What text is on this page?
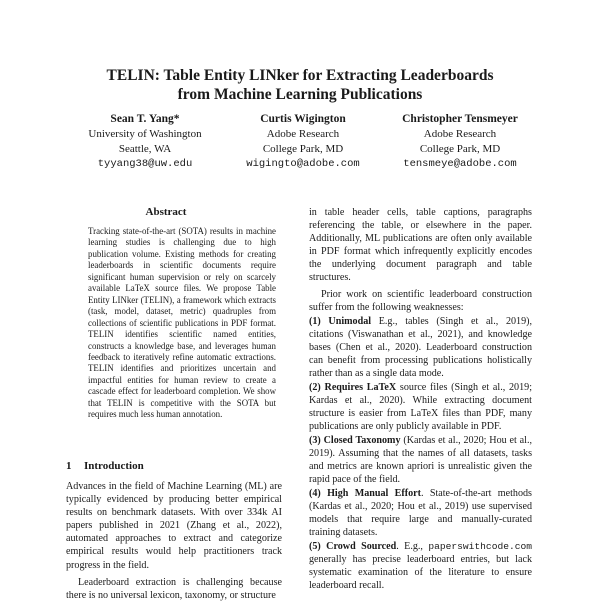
TELIN: Table Entity LINker for Extracting Leaderboards
from Machine Learning Publications
Sean T. Yang*
University of Washington
Seattle, WA
tyyang38@uw.edu
Curtis Wigington
Adobe Research
College Park, MD
wigingto@adobe.com
Christopher Tensmeyer
Adobe Research
College Park, MD
tensmeye@adobe.com
Abstract
Tracking state-of-the-art (SOTA) results in machine learning studies is challenging due to high publication volume. Existing methods for creating leaderboards in scientific documents require significant human supervision or rely on scarcely available LaTeX source files. We propose Table Entity LINker (TELIN), a framework which extracts (task, model, dataset, metric) quadruples from collections of scientific publications in PDF format. TELIN identifies scientific named entities, constructs a knowledge base, and leverages human feedback to iteratively refine automatic extractions. TELIN identifies and prioritizes uncertain and impactful entities for human review to create a cascade effect for leaderboard completion. We show that TELIN is competitive with the SOTA but requires much less human annotation.
1 Introduction

Advances in the field of Machine Learning (ML) are typically evidenced by producing better empirical results on benchmark datasets. With over 334k AI papers published in 2021 (Zhang et al., 2022), automated approaches to extract and categorize empirical results would help practitioners track progress in the field.

Leaderboard extraction is challenging because there is no universal lexicon, taxonomy, or structure

in table header cells, table captions, paragraphs referencing the table, or elsewhere in the paper. Additionally, ML publications are often only available in PDF format which infrequently explicitly encodes the underlying document paragraph and table structures.

Prior work on scientific leaderboard construction suffer from the following weaknesses:

(1) Unimodal E.g., tables (Singh et al., 2019), citations (Viswanathan et al., 2021), and knowledge bases (Chen et al., 2020). Leaderboard construction can benefit from processing publications holistically rather than as a single data mode.

(2) Requires LaTeX source files (Singh et al., 2019; Kardas et al., 2020). While extracting document structure is easier from LaTeX files than PDF, many publications are only publicly available in PDF.

(3) Closed Taxonomy (Kardas et al., 2020; Hou et al., 2019). Assuming that the names of all datasets, tasks and metrics are known apriori is unrealistic given the rapid pace of the field.

(4) High Manual Effort. State-of-the-art methods (Kardas et al., 2020; Hou et al., 2019) use supervised models that require large and manually-curated training datasets.

(5) Crowd Sourced. E.g., paperswithcode.com generally has precise leaderboard entries, but lack systematic examination of the literature to ensure leaderboard recall.
